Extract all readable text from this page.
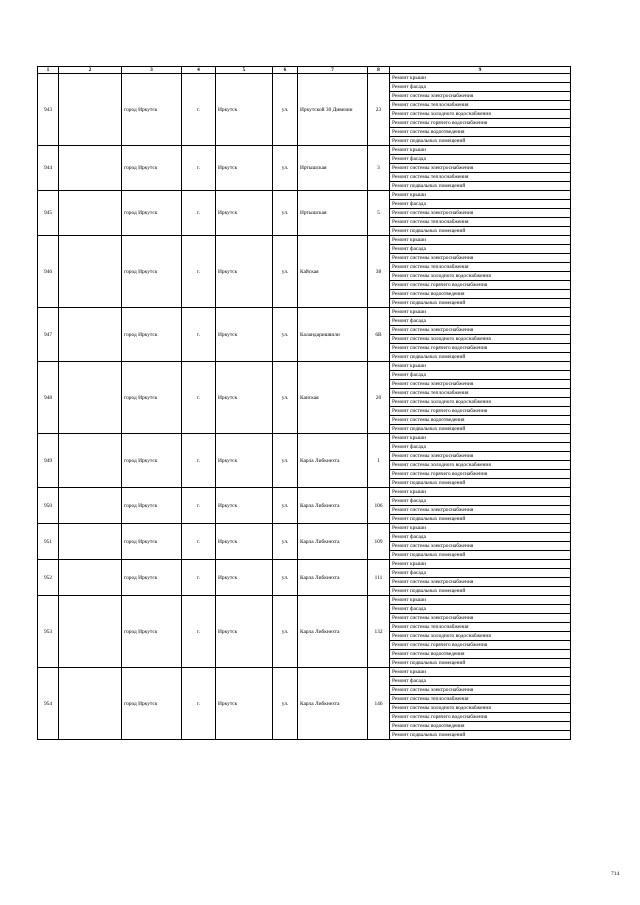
1	2	3	4	5	6	7	8	9
943		город Иркутск	г.	Иркутск	ул.	Иркутской 30 Дивизии	23	Ремонт крыши
								Ремонт фасада
								Ремонт системы электроснабжения
								Ремонт системы теплоснабжения
								Ремонт системы холодного водоснабжения
								Ремонт системы горячего водоснабжения
								Ремонт системы водоотведения
								Ремонт подвальных помещений
944		город Иркутск	г.	Иркутск	ул.	Иртышская	3	Ремонт крыши
								Ремонт фасада
								Ремонт системы электроснабжения
								Ремонт системы теплоснабжения
								Ремонт подвальных помещений
945		город Иркутск	г.	Иркутск	ул.	Иртышская	5	Ремонт крыши
								Ремонт фасада
								Ремонт системы электроснабжения
								Ремонт системы теплоснабжения
								Ремонт подвальных помещений
946		город Иркутск	г.	Иркутск	ул.	Кайская	38	Ремонт крыши
								Ремонт фасада
								Ремонт системы электроснабжения
								Ремонт системы теплоснабжения
								Ремонт системы холодного водоснабжения
								Ремонт системы горячего водоснабжения
								Ремонт системы водоотведения
								Ремонт подвальных помещений
947		город Иркутск	г.	Иркутск	ул.	Каландаришвили	6В	Ремонт крыши
								Ремонт фасада
								Ремонт системы электроснабжения
								Ремонт системы холодного водоснабжения
								Ремонт системы горячего водоснабжения
								Ремонт подвальных помещений
948		город Иркутск	г.	Иркутск	ул.	Канская	20	Ремонт крыши
								Ремонт фасада
								Ремонт системы электроснабжения
								Ремонт системы теплоснабжения
								Ремонт системы холодного водоснабжения
								Ремонт системы горячего водоснабжения
								Ремонт системы водоотведения
								Ремонт подвальных помещений
949		город Иркутск	г.	Иркутск	ул.	Карла Либкнехта	1	Ремонт крыши
								Ремонт фасада
								Ремонт системы электроснабжения
								Ремонт системы холодного водоснабжения
								Ремонт системы горячего водоснабжения
								Ремонт подвальных помещений
950		город Иркутск	г.	Иркутск	ул.	Карла Либкнехта	106	Ремонт крыши
								Ремонт фасада
								Ремонт системы электроснабжения
								Ремонт подвальных помещений
951		город Иркутск	г.	Иркутск	ул.	Карла Либкнехта	109	Ремонт крыши
								Ремонт фасада
								Ремонт системы электроснабжения
								Ремонт подвальных помещений
952		город Иркутск	г.	Иркутск	ул.	Карла Либкнехта	111	Ремонт крыши
								Ремонт фасада
								Ремонт системы электроснабжения
								Ремонт подвальных помещений
953		город Иркутск	г.	Иркутск	ул.	Карла Либкнехта	132	Ремонт крыши
								Ремонт фасада
								Ремонт системы электроснабжения
								Ремонт системы теплоснабжения
								Ремонт системы холодного водоснабжения
								Ремонт системы горячего водоснабжения
								Ремонт системы водоотведения
								Ремонт подвальных помещений
954		город Иркутск	г.	Иркутск	ул.	Карла Либкнехта	146	Ремонт крыши
								Ремонт фасада
								Ремонт системы электроснабжения
								Ремонт системы теплоснабжения
								Ремонт системы холодного водоснабжения
								Ремонт системы горячего водоснабжения
								Ремонт системы водоотведения
								Ремонт подвальных помещений
714
